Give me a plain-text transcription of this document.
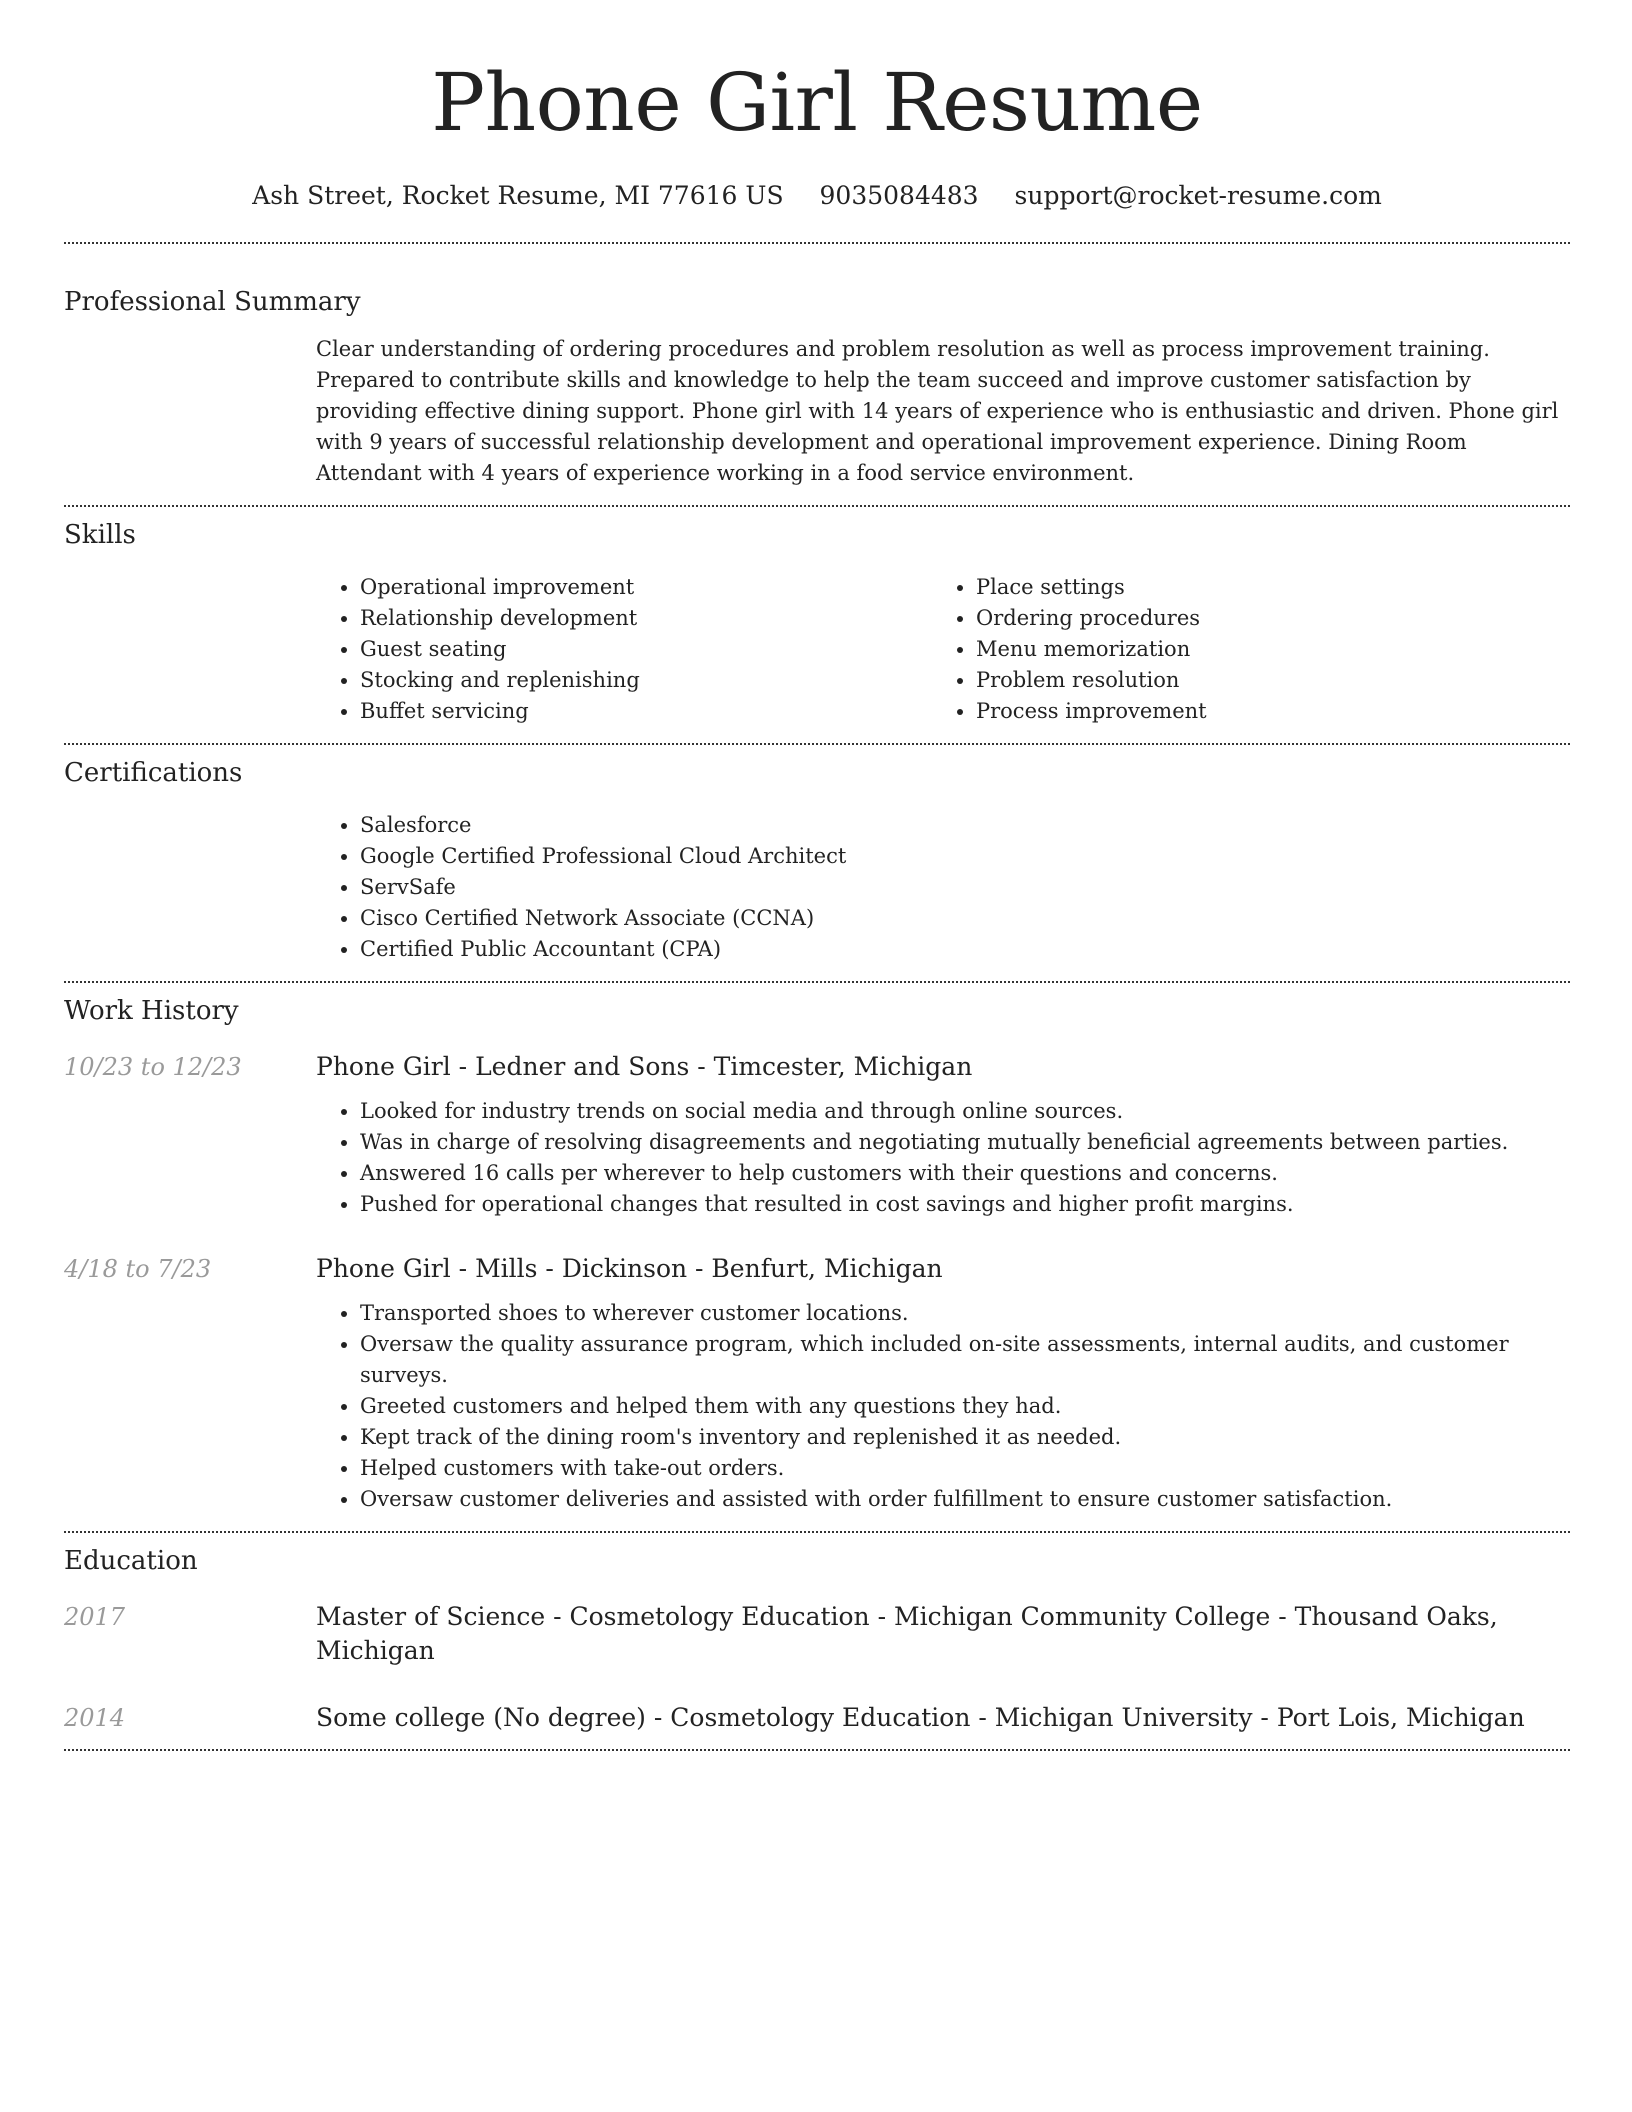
Phone Girl Resume
Ash Street, Rocket Resume, MI 77616 US 9035084483 support@rocket-resume.com
Professional Summary

Clear understanding of ordering procedures and problem resolution as well as process improvement training. Prepared to contribute skills and knowledge to help the team succeed and improve customer satisfaction by providing effective dining support. Phone girl with 14 years of experience who is enthusiastic and driven. Phone girl with 9 years of successful relationship development and operational improvement experience. Dining Room Attendant with 4 years of experience working in a food service environment.

Skills
• Operational improvement
• Relationship development
• Guest seating
• Stocking and replenishing
• Buffet servicing
• Place settings
• Ordering procedures
• Menu memorization
• Problem resolution
• Process improvement
Certifications
• Salesforce
• Google Certified Professional Cloud Architect
• ServSafe
• Cisco Certified Network Associate (CCNA)
• Certified Public Accountant (CPA)
Work History
10/23 to 12/23	Phone Girl - Ledner and Sons - Timcester, Michigan
• Looked for industry trends on social media and through online sources.
• Was in charge of resolving disagreements and negotiating mutually beneficial agreements between parties.
• Answered 16 calls per wherever to help customers with their questions and concerns.
• Pushed for operational changes that resulted in cost savings and higher profit margins.
4/18 to 7/23	Phone Girl - Mills - Dickinson - Benfurt, Michigan
• Transported shoes to wherever customer locations.
• Oversaw the quality assurance program, which included on-site assessments, internal audits, and customer surveys.
• Greeted customers and helped them with any questions they had.
• Kept track of the dining room's inventory and replenished it as needed.
• Helped customers with take-out orders.
• Oversaw customer deliveries and assisted with order fulfillment to ensure customer satisfaction.
Education
2017	Master of Science - Cosmetology Education - Michigan Community College - Thousand Oaks, Michigan
2014	Some college (No degree) - Cosmetology Education - Michigan University - Port Lois, Michigan
